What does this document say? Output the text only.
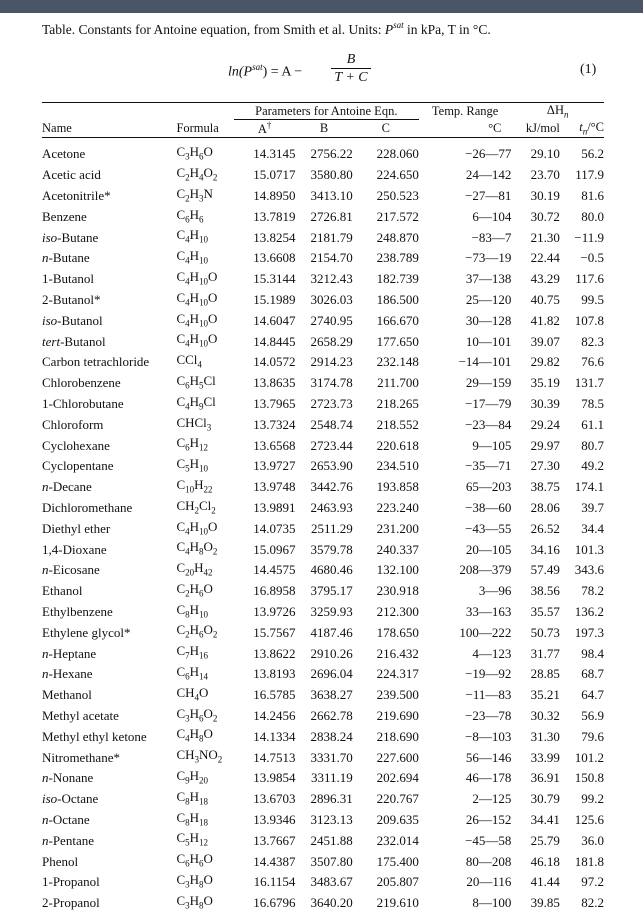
Table. Constants for Antoine equation, from Smith et al. Units: $P^{sat}$ in kPa, T in °C.
$\ln(P^{sat}) = A$ −
B
T + C
(1)
		Parameters for Antoine Eqn.			Temp. Range	$\Delta H_n$
Name	Formula	A†	B	C	°C	kJ/mol	$t_n/^\circ C$
Acetone	$C_3H_6O$	14.3145	2756.22	228.060	−26—77	29.10	56.2
Acetic acid	$C_2H_4O_2$	15.0717	3580.80	224.650	24—142	23.70	117.9
Acetonitrile*	$C_2H_3N$	14.8950	3413.10	250.523	−27—81	30.19	81.6
Benzene	$C_6H_6$	13.7819	2726.81	217.572	6—104	30.72	80.0
iso-Butane	$C_4H_{10}$	13.8254	2181.79	248.870	−83—7	21.30	−11.9
n-Butane	$C_4H_{10}$	13.6608	2154.70	238.789	−73—19	22.44	−0.5
1-Butanol	$C_4H_{10}O$	15.3144	3212.43	182.739	37—138	43.29	117.6
2-Butanol*	$C_4H_{10}O$	15.1989	3026.03	186.500	25—120	40.75	99.5
iso-Butanol	$C_4H_{10}O$	14.6047	2740.95	166.670	30—128	41.82	107.8
tert-Butanol	$C_4H_{10}O$	14.8445	2658.29	177.650	10—101	39.07	82.3
Carbon tetrachloride	CCl$_4$	14.0572	2914.23	232.148	−14—101	29.82	76.6
Chlorobenzene	$C_6H_5Cl$	13.8635	3174.78	211.700	29—159	35.19	131.7
1-Chlorobutane	$C_4H_9Cl$	13.7965	2723.73	218.265	−17—79	30.39	78.5
Chloroform	CHCl$_3$	13.7324	2548.74	218.552	−23—84	29.24	61.1
Cyclohexane	$C_6H_{12}$	13.6568	2723.44	220.618	9—105	29.97	80.7
Cyclopentane	$C_5H_{10}$	13.9727	2653.90	234.510	−35—71	27.30	49.2
n-Decane	$C_{10}H_{22}$	13.9748	3442.76	193.858	65—203	38.75	174.1
Dichloromethane	$CH_2Cl_2$	13.9891	2463.93	223.240	−38—60	28.06	39.7
Diethyl ether	$C_4H_{10}O$	14.0735	2511.29	231.200	−43—55	26.52	34.4
1,4-Dioxane	$C_4H_8O_2$	15.0967	3579.78	240.337	20—105	34.16	101.3
n-Eicosane	$C_{20}H_{42}$	14.4575	4680.46	132.100	208—379	57.49	343.6
Ethanol	$C_2H_6O$	16.8958	3795.17	230.918	3—96	38.56	78.2
Ethylbenzene	$C_8H_{10}$	13.9726	3259.93	212.300	33—163	35.57	136.2
Ethylene glycol*	$C_2H_6O_2$	15.7567	4187.46	178.650	100—222	50.73	197.3
n-Heptane	$C_7H_{16}$	13.8622	2910.26	216.432	4—123	31.77	98.4
n-Hexane	$C_6H_{14}$	13.8193	2696.04	224.317	−19—92	28.85	68.7
Methanol	$CH_4O$	16.5785	3638.27	239.500	−11—83	35.21	64.7
Methyl acetate	$C_3H_6O_2$	14.2456	2662.78	219.690	−23—78	30.32	56.9
Methyl ethyl ketone	$C_4H_8O$	14.1334	2838.24	218.690	−8—103	31.30	79.6
Nitromethane*	$CH_3NO_2$	14.7513	3331.70	227.600	56—146	33.99	101.2
n-Nonane	$C_9H_{20}$	13.9854	3311.19	202.694	46—178	36.91	150.8
iso-Octane	$C_8H_{18}$	13.6703	2896.31	220.767	2—125	30.79	99.2
n-Octane	$C_8H_{18}$	13.9346	3123.13	209.635	26—152	34.41	125.6
n-Pentane	$C_5H_{12}$	13.7667	2451.88	232.014	−45—58	25.79	36.0
Phenol	$C_6H_6O$	14.4387	3507.80	175.400	80—208	46.18	181.8
1-Propanol	$C_3H_8O$	16.1154	3483.67	205.807	20—116	41.44	97.2
2-Propanol	$C_3H_8O$	16.6796	3640.20	219.610	8—100	39.85	82.2
